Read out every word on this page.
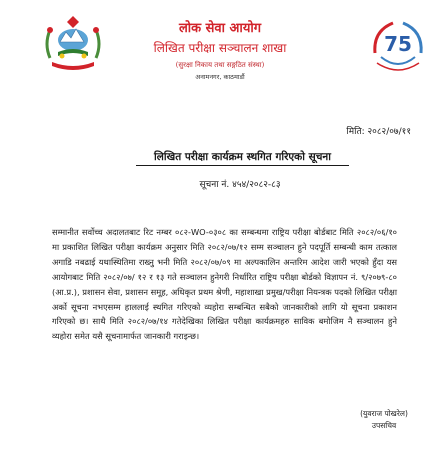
लोक सेवा आयोग
लिखित परीक्षा सञ्चालन शाखा
(सुरक्षा निकाय तथा सङ्गठित संस्था)
अनामनगर, काठमाडौं
75
मिति: २०८२/०७/११
लिखित परीक्षा कार्यक्रम स्थगित गरिएको सूचना
सूचना नं. ४५४/२०८२-८३
सम्मानीत सर्वोच्च अदालतबाट रिट नम्बर ०८२-WO-०३०८ का सम्बन्धमा राष्ट्रिय परीक्षा बोर्डबाट मिति २०८२/०६/१० मा प्रकाशित लिखित परीक्षा कार्यक्रम अनुसार मिति २०८२/०७/१२ सम्म सञ्चालन हुने पदपूर्ति सम्बन्धी काम तत्काल अगाडि नबढाई यथास्थितिमा राख्नु भनी मिति २०८२/०७/०९ मा अल्पकालिन अन्तरिम आदेश जारी भएको हुँदा यस आयोगबाट मिति २०८२/०७/ १२ र १३ गते सञ्चालन हुनेगरी निर्धारित राष्ट्रिय परीक्षा बोर्डको विज्ञापन नं. ९/२०७९-८० (आ.प्र.), प्रशासन सेवा, प्रशासन समूह, अधिकृत प्रथम श्रेणी, महाशाखा प्रमुख/परीक्षा नियन्त्रक पदको लिखित परीक्षा अर्को सूचना नभएसम्म हाललाई स्थगित गरिएको व्यहोरा सम्बन्धित सबैको जानकारीको लागि यो सूचना प्रकाशन गरिएको छ। साथै मिति २०८२/०७/१४ गतेदेखिका लिखित परीक्षा कार्यक्रमहरु साविक बमोजिम नै सञ्चालन हुने व्यहोरा समेत यसै सूचनामार्फत जानकारी गराइन्छ।
(युवराज पोखरेल)
उपसचिव
